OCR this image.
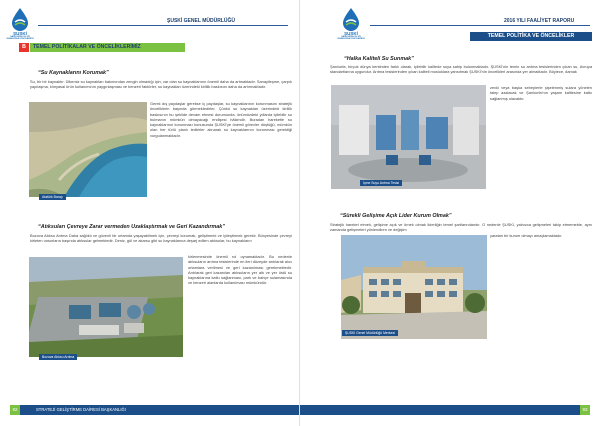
ŞUSKİ
ŞANLIURFA SU VE KANALİZASYON İDARESİ
ŞUSKİ GENEL MÜDÜRLÜĞÜ
B	TEMEL POLİTİKALAR VE ÖNCELİKLERİMİZ
“Su Kaynaklarını Korumak”

Su, bir bir kaynaktır. Ülkemiz su kaynakları bakımından zengin olmadığı için, var olan su kaynaklarının önemli daha da artmaktadır. Sanayileşme, çarpık yapılaşma, kimyasal ürün kullanımının yaygınlaşması ve benzeri faktörler, su kaynakları üzerindeki kirlilik baskısını daha da artırmaktadır.

Gerek dış paydaşlar gerekse iç paydaşlar, su kaynaklarının korunmasını stratejik önceliklerin başında görmektedirler. Çünkü su kaynakları üzerindeki kirlilik baskısının bu şekilde devam etmesi durumunda, önümüzdeki yıllarda içilebilir su bulmanın mümkün olmayacağı endişesi hâkimdir. Buradan hareketle su kaynaklarının korunması konusunda ŞUSKİ'ye önemli görevler düştüğü, mümkün olan her türlü planlı tedbirler alınarak su kaynaklarının korunması gerektiği vurgulanmaktadır.

Atatürk Barajı
“Atıksuları Çevreye Zarar vermeden Uzaklaştırmak ve Geri Kazandırmak”

Bozova Atıksu Arıtma Daha sağlıklı ve güvenli bir ortamda yaşayabilmek için, çevreyi korumak, geliştirmek ve iyileştirmek gerekir. Bünyesinde çevreyi kirleten unsurların başında atıksular gelmektedir. Deniz, göl ve akarsu gibi su kaynaklarına deşarj edilen atıksular, bu kaynakların

kirlenmesinde önemli rol oynamaktadır. Bu nedenle atıksuların arıtma tesislerinde en ileri düzeyde arıtılarak alıcı ortamlara verilmesi ve geri kazanılması gerekmektedir. Arıtılarak geri kazanılan atıksuların yer altı ve yer üstü su kaynaklarına katkı sağlanması, park ve bahçe sulamasında ve benzeri alanlarda kullanılması mümkündür.

Bozova Atıksu Arıtma
92	STRATEJİ GELİŞTİRME DAİRESİ BAŞKANLIĞI
ŞUSKİ
ŞANLIURFA SU VE KANALİZASYON İDARESİ
2016 YILI FAALİYET RAPORU
TEMEL POLİTİKA VE ÖNCELİKLER
“Halka Kaliteli Su Sunmak”

Şanlıurfa, birçok dünya kentinden farklı olarak, içilebilir kalitede suya sahip bulunmaktadır. ŞUSKİ'nin temin su arıtma tesislerinden çıkan su, Avrupa standartlarına uygundur. Arıtma tesislerinden çıkan kaliteli musluklara yansıtmak ŞUSKİ'nin öncelikleri arasında yer almaktadır. Böylece, damak

zevki veya başka sebeplerle şişelenmiş sulara yönelen talep azalacak ve Şanlıurfa'nın yaşam kalitesine katkı sağlanmış olacaktır.

İçme Suyu Arıtma Tesisi
“Sürekli Gelişime Açık Lider Kurum Olmak”

Stratejik hareket etmek, gelişime açık ve örnek olmak liderliğin temel şartlarındandır. O nedenle ŞUSKİ, yalnızca gelişmeleri takip etmemekte, aynı zamanda gelişmeleri yönlendiren ve değişim

yaratan bir kurum olmayı amaçlamaktadır.

ŞUSKİ Genel Müdürlüğü Merkezi
93
